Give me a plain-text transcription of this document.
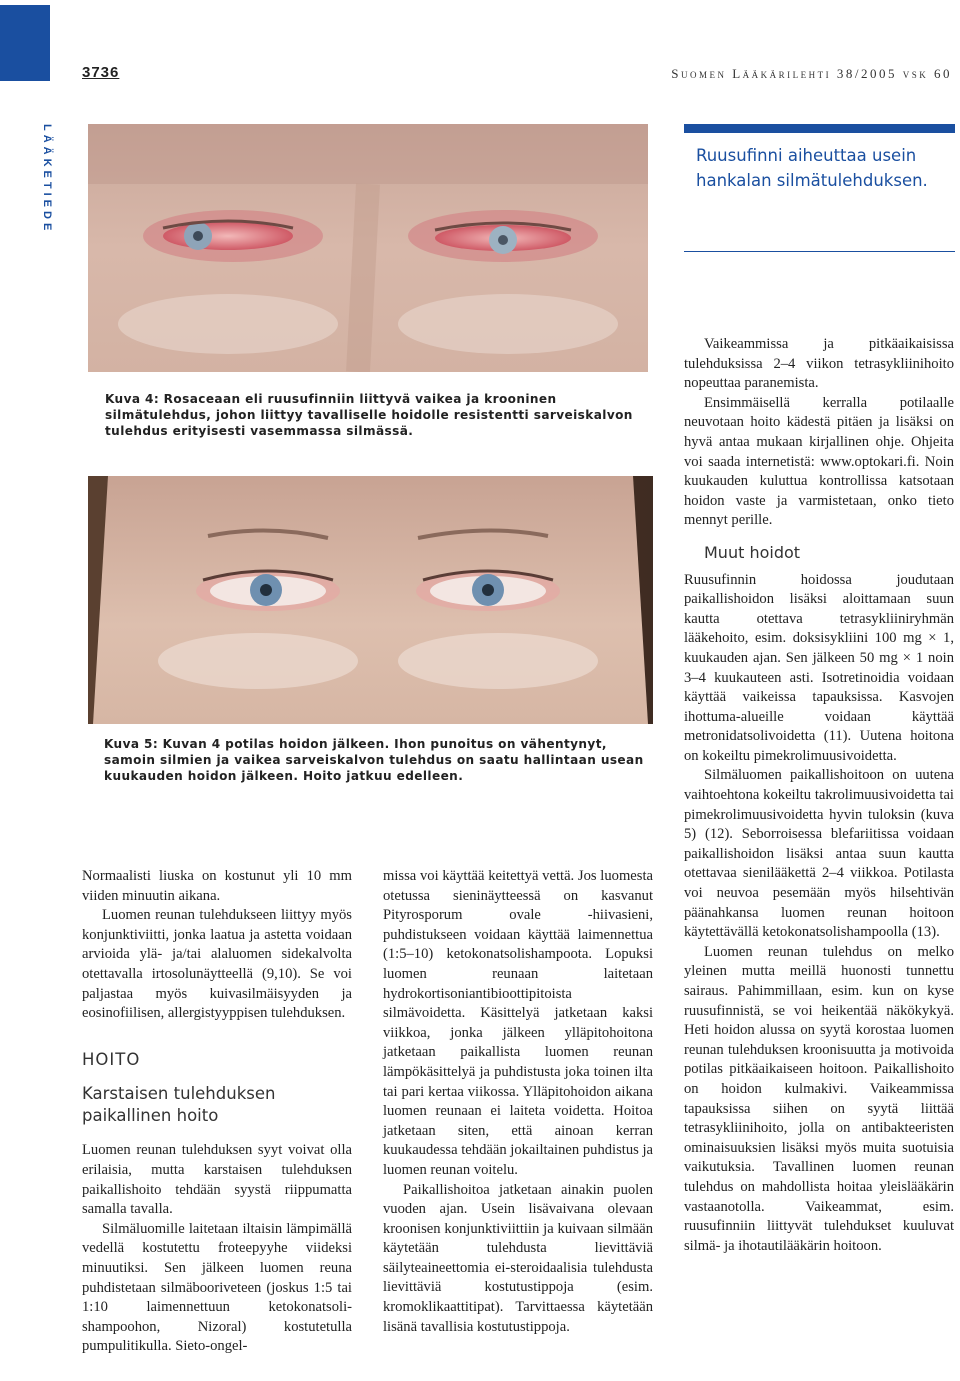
3736	Suomen Lääkärilehti 38/2005 vsk 60
LÄÄKETIEDE
Kuva 4: Rosaceaan eli ruusufinniin liittyvä vaikea ja krooninen silmätulehdus, johon liittyy tavalliselle hoidolle resistentti sarveiskalvon tulehdus erityisesti vasemmassa silmässä.
Ruusufinni aiheuttaa usein hankalan silmätulehduksen.
Kuva 5: Kuvan 4 potilas hoidon jälkeen. Ihon punoitus on vähentynyt, samoin silmien ja vaikea sarveiskalvon tulehdus on saatu hallintaan usean kuukauden hoidon jälkeen. Hoito jatkuu edelleen.

Normaalisti liuska on kostunut yli 10 mm viiden minuutin aikana.

Luomen reunan tulehdukseen liittyy myös konjunktiviitti, jonka laatua ja astetta voidaan arvioida ylä- ja/tai alaluomen sidekalvolta otettavalla irtosolunäytteellä (9,10). Se voi paljastaa myös kuivasilmäisyyden ja eosinofiilisen, allergistyyppisen tulehduksen.

HOITO
Karstaisen tulehduksen
paikallinen hoito

Luomen reunan tulehduksen syyt voivat olla erilaisia, mutta karstaisen tulehduksen paikallishoito tehdään syystä riippumatta samalla tavalla.

Silmäluomille laitetaan iltaisin lämpimällä vedellä kostutettu froteepyyhe viideksi minuutiksi. Sen jälkeen luomen reuna puhdistetaan silmäbooriveteen (joskus 1:5 tai 1:10 laimennettuun ketokonatsoli-shampoohon, Nizoral) kostutetulla pumpulitikulla. Sieto-ongel-

missa voi käyttää keitettyä vettä. Jos luomesta otetussa sieninäytteessä on kasvanut Pityrosporum ovale -hiivasieni, puhdistukseen voidaan käyttää laimennettua (1:5–10) ketokonatsolishampoota. Lopuksi luomen reunaan laitetaan hydrokortisoniantibioottipitoista silmävoidetta. Käsittelyä jatketaan kaksi viikkoa, jonka jälkeen ylläpitohoitona jatketaan paikallista luomen reunan lämpökäsittelyä ja puhdistusta joka toinen ilta tai pari kertaa viikossa. Ylläpitohoidon aikana luomen reunaan ei laiteta voidetta. Hoitoa jatketaan siten, että ainoan kerran kuukaudessa tehdään jokailtainen puhdistus ja luomen reunan voitelu.

Paikallishoitoa jatketaan ainakin puolen vuoden ajan. Usein lisävaivana olevaan kroonisen konjunktiviittiin ja kuivaan silmään käytetään tulehdusta lievittäviä säilyteaineettomia ei-steroidaalisia tulehdusta lievittäviä kostutustippoja (esim. kromoklikaattitipat). Tarvittaessa käytetään lisänä tavallisia kostutustippoja.

Vaikeammissa ja pitkäaikaisissa tulehduksissa 2–4 viikon tetrasykliinihoito nopeuttaa paranemista.

Ensimmäisellä kerralla potilaalle neuvotaan hoito kädestä pitäen ja lisäksi on hyvä antaa mukaan kirjallinen ohje. Ohjeita voi saada internetistä: www.optokari.fi. Noin kuukauden kuluttua kontrollissa katsotaan hoidon vaste ja varmistetaan, onko tieto mennyt perille.

Muut hoidot

Ruusufinnin hoidossa joudutaan paikallishoidon lisäksi aloittamaan suun kautta otettava tetrasykliiniryhmän lääkehoito, esim. doksisykliini 100 mg × 1, kuukauden ajan. Sen jälkeen 50 mg × 1 noin 3–4 kuukauteen asti. Isotretinoidia voidaan käyttää vaikeissa tapauksissa. Kasvojen ihottuma-alueille voidaan käyttää metronidatsolivoidetta (11). Uutena hoitona on kokeiltu pimekrolimuusivoidetta.

Silmäluomen paikallishoitoon on uutena vaihtoehtona kokeiltu takrolimuusivoidetta tai pimekrolimuusivoidetta hyvin tuloksin (kuva 5) (12). Seborroisessa blefariitissa voidaan paikallishoidon lisäksi antaa suun kautta otettavaa sienilääkettä 2–4 viikkoa. Potilasta voi neuvoa pesemään myös hilsehtivän päänahkansa luomen reunan hoitoon käytettävällä ketokonatsolishampoolla (13).

Luomen reunan tulehdus on melko yleinen mutta meillä huonosti tunnettu sairaus. Pahimmillaan, esim. kun on kyse ruusufinnistä, se voi heikentää näkökykyä. Heti hoidon alussa on syytä korostaa luomen reunan tulehduksen kroonisuutta ja motivoida potilas pitkäaikaiseen hoitoon. Paikallishoito on hoidon kulmakivi. Vaikeammissa tapauksissa siihen on syytä liittää tetrasykliinihoito, jolla on antibakteeristen ominaisuuksien lisäksi myös muita suotuisia vaikutuksia. Tavallinen luomen reunan tulehdus on mahdollista hoitaa yleislääkärin vastaanotolla. Vaikeammat, esim. ruusufinniin liittyvät tulehdukset kuuluvat silmä- ja ihotautilääkärin hoitoon.
